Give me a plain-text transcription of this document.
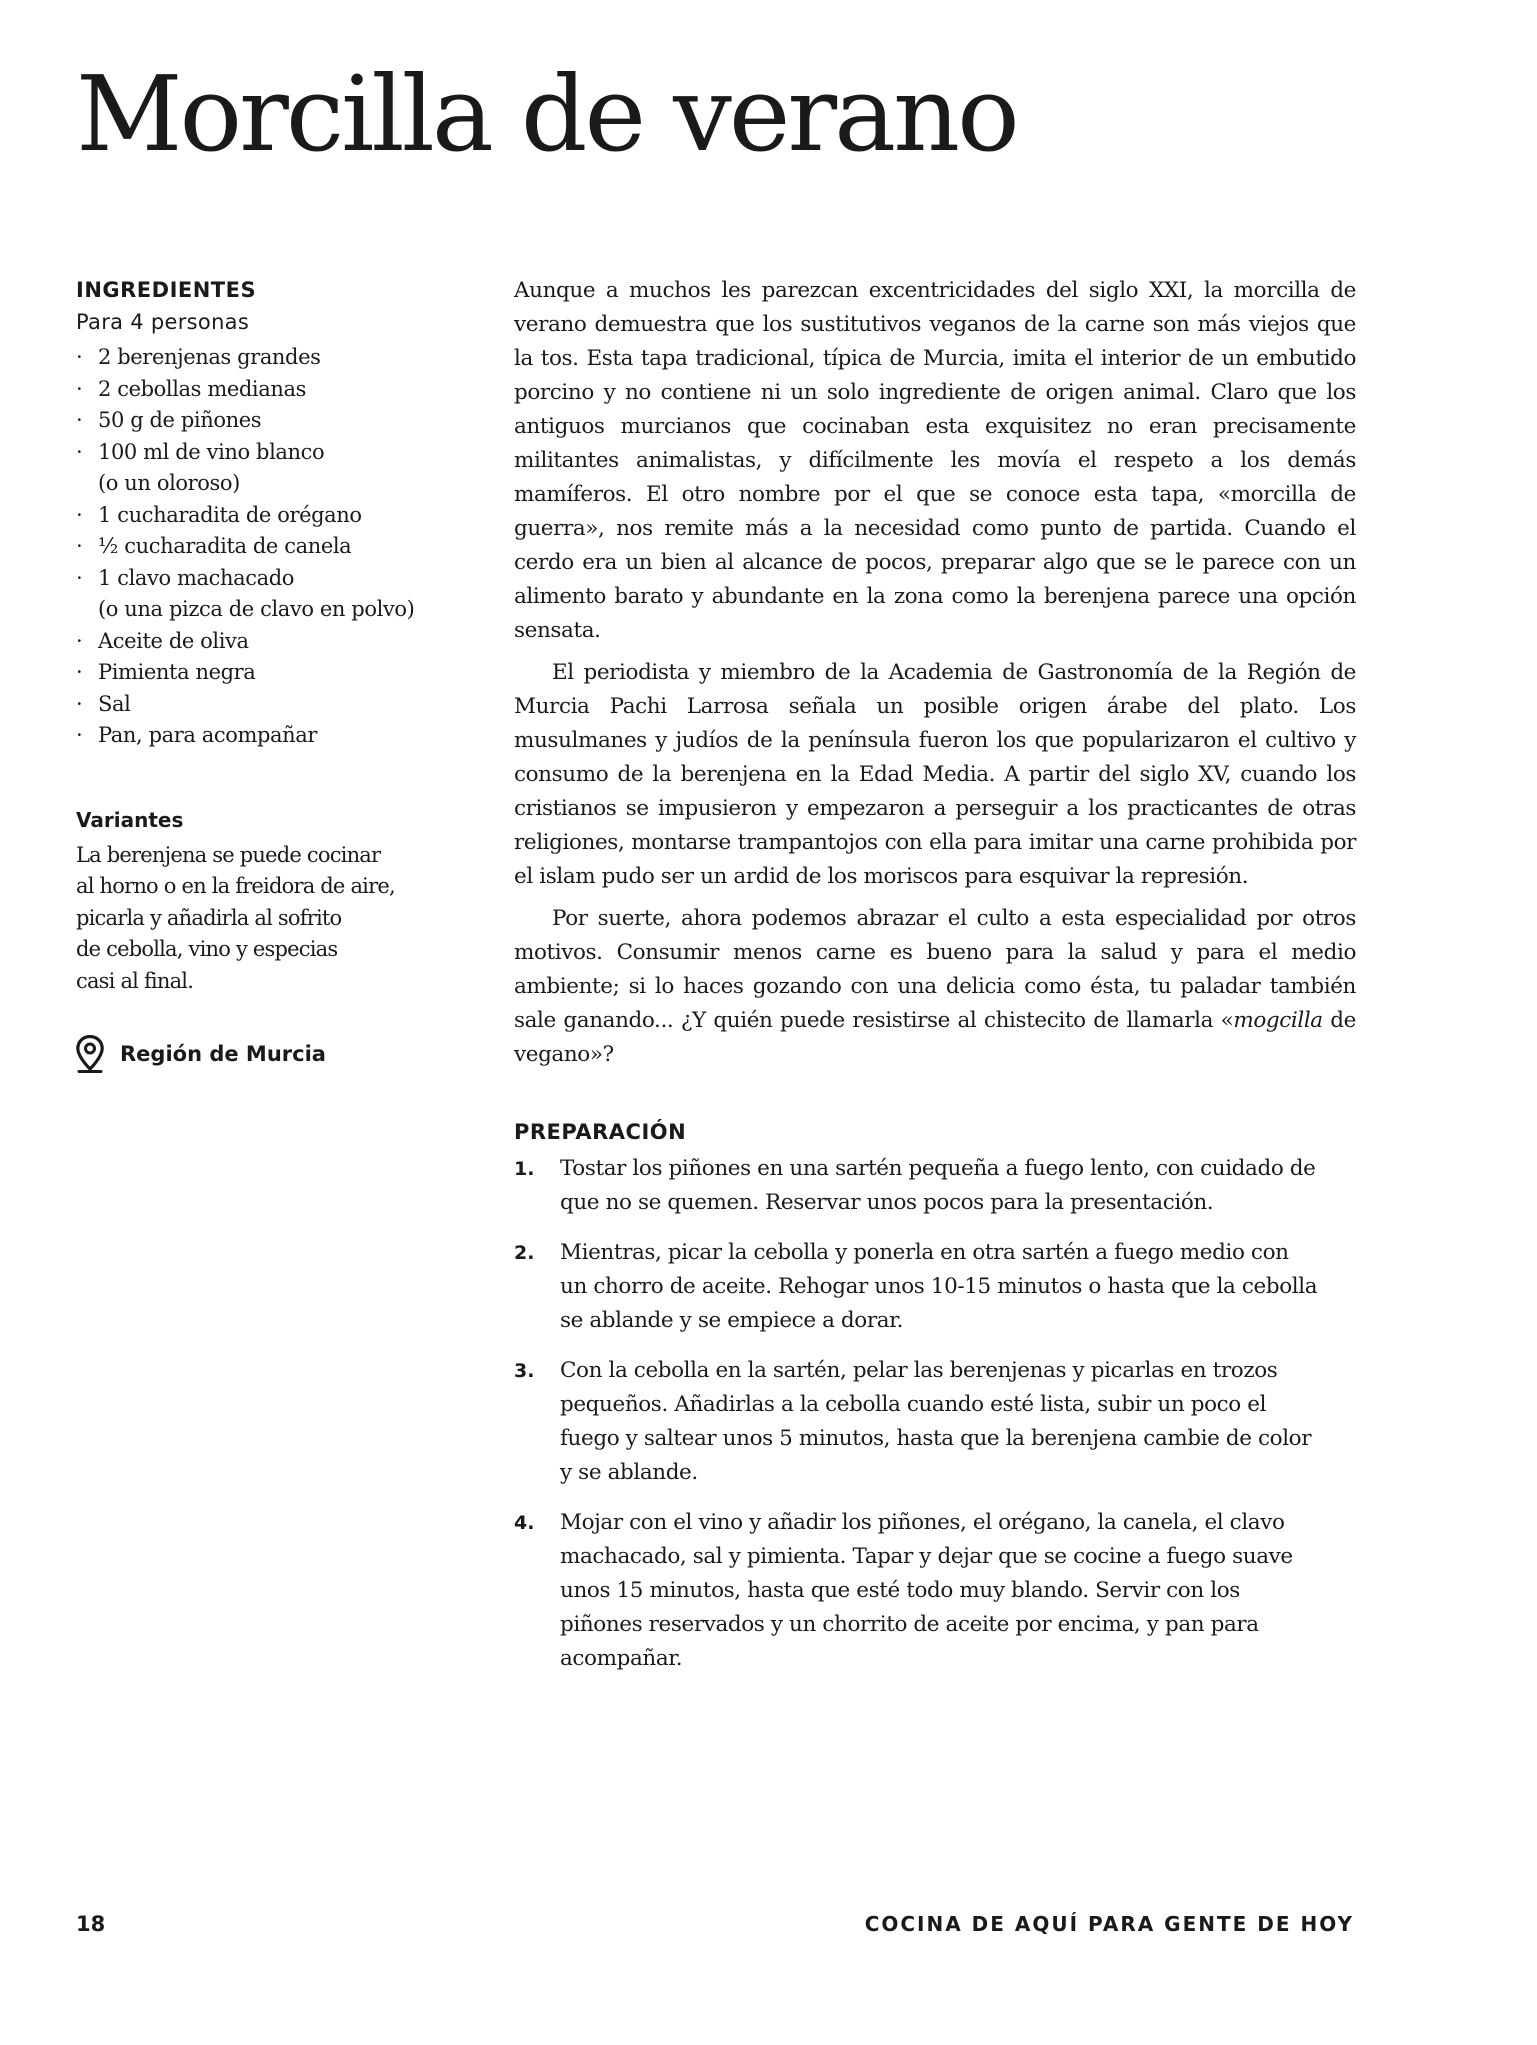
Morcilla de verano
INGREDIENTES
Para 4 personas
· 2 berenjenas grandes
· 2 cebollas medianas
· 50 g de piñones
· 100 ml de vino blanco
(o un oloroso)
· 1 cucharadita de orégano
· ½ cucharadita de canela
· 1 clavo machacado
(o una pizca de clavo en polvo)
· Aceite de oliva
· Pimienta negra
· Sal
· Pan, para acompañar
Variantes

La berenjena se puede cocinar
al horno o en la freidora de aire,
picarla y añadirla al sofrito
de cebolla, vino y especias
casi al final.

Región de Murcia

Aunque a muchos les parezcan excentricidades del siglo XXI, la morcilla de verano demuestra que los sustitutivos veganos de la carne son más viejos que la tos. Esta tapa tradicional, típica de Murcia, imita el interior de un embutido porcino y no contiene ni un solo ingrediente de origen animal. Claro que los antiguos murcianos que cocinaban esta exquisitez no eran precisamente militantes animalistas, y difícilmente les movía el respeto a los demás mamíferos. El otro nombre por el que se conoce esta tapa, «morcilla de guerra», nos remite más a la necesidad como punto de partida. Cuando el cerdo era un bien al alcance de pocos, preparar algo que se le parece con un alimento barato y abundante en la zona como la berenjena parece una opción sensata.

El periodista y miembro de la Academia de Gastronomía de la Región de Murcia Pachi Larrosa señala un posible origen árabe del plato. Los musulmanes y judíos de la península fueron los que popularizaron el cultivo y consumo de la berenjena en la Edad Media. A partir del siglo XV, cuando los cristianos se impusieron y empezaron a perseguir a los practicantes de otras religiones, montarse trampantojos con ella para imitar una carne prohibida por el islam pudo ser un ardid de los moriscos para esquivar la represión.

Por suerte, ahora podemos abrazar el culto a esta especialidad por otros motivos. Consumir menos carne es bueno para la salud y para el medio ambiente; si lo haces gozando con una delicia como ésta, tu paladar también sale ganando... ¿Y quién puede resistirse al chistecito de llamarla «mogcilla de vegano»?

PREPARACIÓN
1.	Tostar los piñones en una sartén pequeña a fuego lento, con cuidado de que no se quemen. Reservar unos pocos para la presentación.
2.	Mientras, picar la cebolla y ponerla en otra sartén a fuego medio con un chorro de aceite. Rehogar unos 10-15 minutos o hasta que la cebolla se ablande y se empiece a dorar.
3.	Con la cebolla en la sartén, pelar las berenjenas y picarlas en trozos pequeños. Añadirlas a la cebolla cuando esté lista, subir un poco el fuego y saltear unos 5 minutos, hasta que la berenjena cambie de color y se ablande.
4.	Mojar con el vino y añadir los piñones, el orégano, la canela, el clavo machacado, sal y pimienta. Tapar y dejar que se cocine a fuego suave unos 15 minutos, hasta que esté todo muy blando. Servir con los piñones reservados y un chorrito de aceite por encima, y pan para acompañar.
18	COCINA DE AQUÍ PARA GENTE DE HOY
